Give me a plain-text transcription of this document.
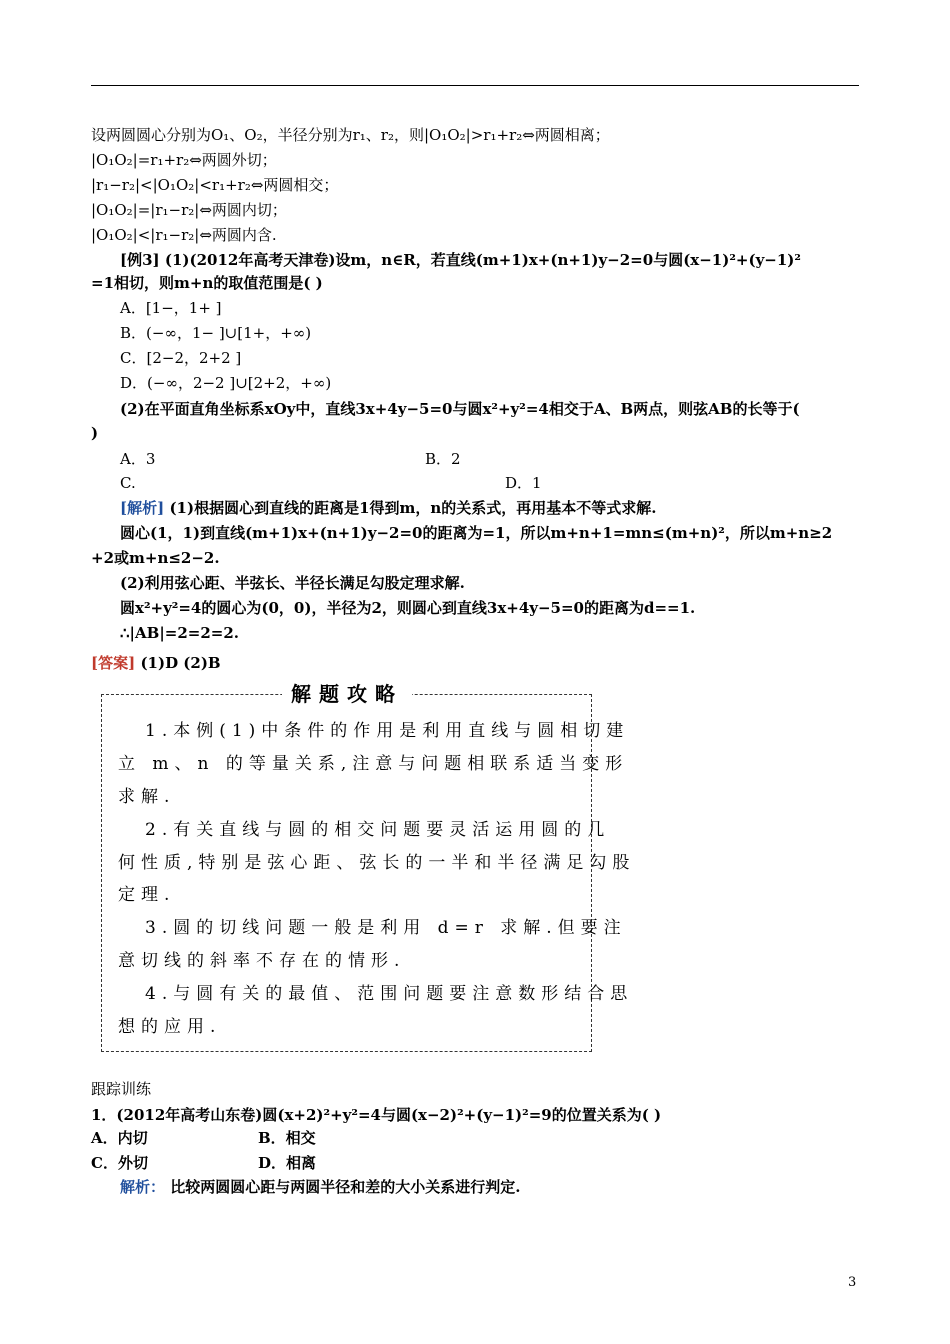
设两圆圆心分别为O₁、O₂，半径分别为r₁、r₂，则|O₁O₂|>r₁+r₂⇔两圆相离；
|O₁O₂|=r₁+r₂⇔两圆外切；
|r₁−r₂|<|O₁O₂|<r₁+r₂⇔两圆相交；
|O₁O₂|=|r₁−r₂|⇔两圆内切；
|O₁O₂|<|r₁−r₂|⇔两圆内含.
[例3] (1)(2012年高考天津卷)设m，n∈R，若直线(m+1)x+(n+1)y−2=0与圆(x−1)²+(y−1)²
=1相切，则m+n的取值范围是( )
A．[1−，1+ ]
B．(−∞，1− ]∪[1+，+∞)
C．[2−2，2+2 ]
D．(−∞，2−2 ]∪[2+2，+∞)
(2)在平面直角坐标系xOy中，直线3x+4y−5=0与圆x²+y²=4相交于A、B两点，则弦AB的长等于(
)
A．3	B．2
C.	D．1
[解析] (1)根据圆心到直线的距离是1得到m，n的关系式，再用基本不等式求解.
圆心(1，1)到直线(m+1)x+(n+1)y−2=0的距离为=1，所以m+n+1=mn≤(m+n)²，所以m+n≥2
+2或m+n≤2−2.
(2)利用弦心距、半弦长、半径长满足勾股定理求解.
圆x²+y²=4的圆心为(0，0)，半径为2，则圆心到直线3x+4y−5=0的距离为d==1.
∴|AB|=2=2=2.
[答案] (1)D (2)B
解题攻略
1.本例(1)中条件的作用是利用直线与圆相切建
立 m、n 的等量关系,注意与问题相联系适当变形
求解.
2.有关直线与圆的相交问题要灵活运用圆的几
何性质,特别是弦心距、弦长的一半和半径满足勾股
定理.
3.圆的切线问题一般是利用 d=r 求解.但要注
意切线的斜率不存在的情形.
4.与圆有关的最值、范围问题要注意数形结合思
想的应用.
跟踪训练
1．(2012年高考山东卷)圆(x+2)²+y²=4与圆(x−2)²+(y−1)²=9的位置关系为( )
A．内切	B．相交
C．外切	D．相离
解析： 比较两圆圆心距与两圆半径和差的大小关系进行判定.
3
